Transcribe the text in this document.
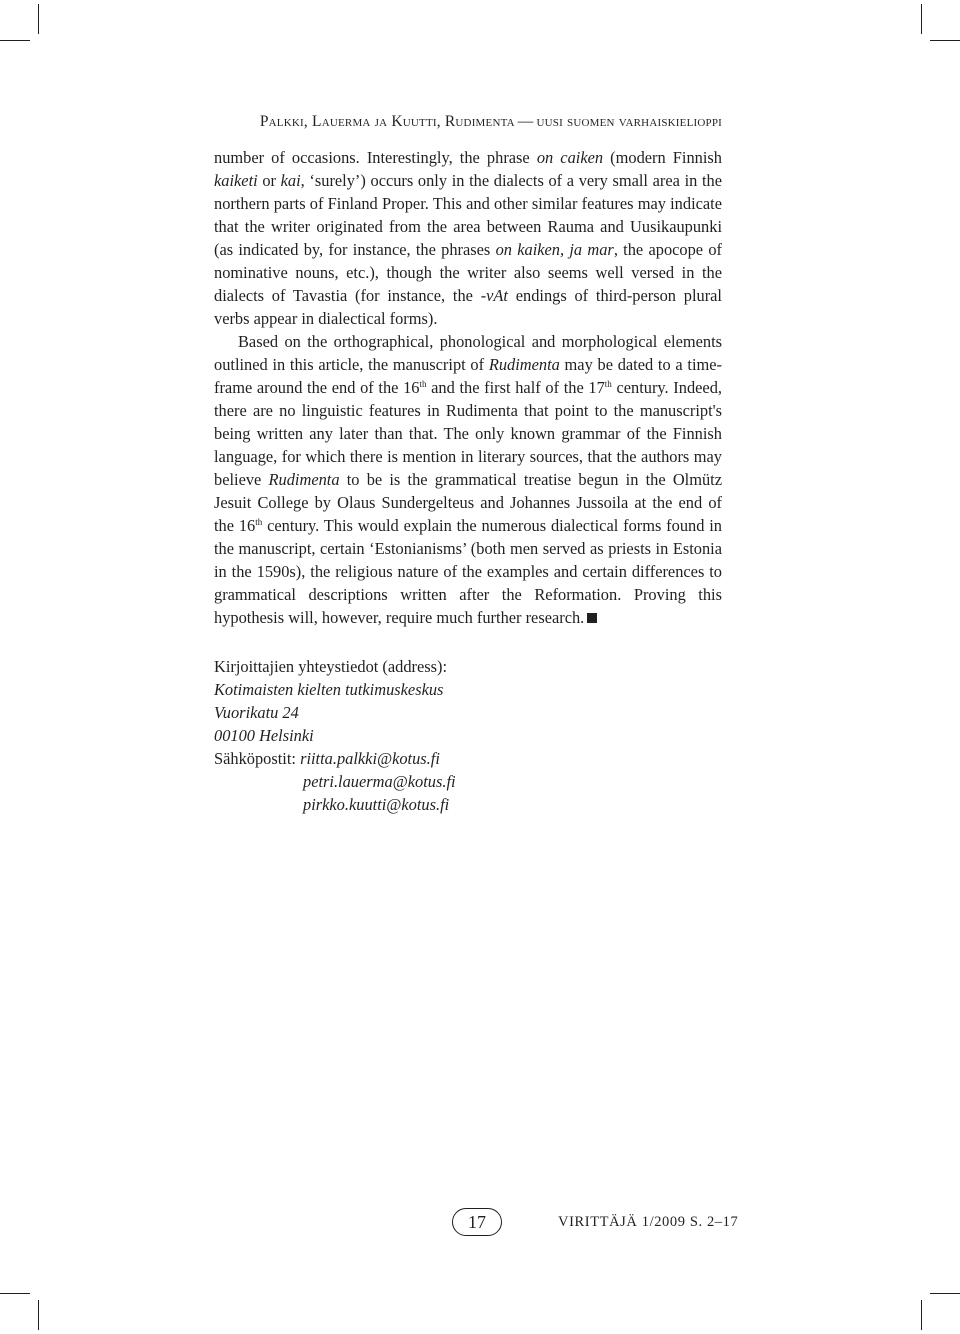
Palkki, Lauerma ja Kuutti, Rudimenta — uusi suomen varhaiskielioppi

number of occasions. Interestingly, the phrase on caiken (modern Finnish kaiketi or kai, ‘surely’) occurs only in the dialects of a very small area in the northern parts of Finland Proper. This and other similar features may indicate that the writer originated from the area between Rauma and Uusikaupunki (as indicated by, for instance, the phrases on kaiken, ja mar, the apocope of nominative nouns, etc.), though the writer also seems well versed in the dialects of Tavastia (for instance, the -vAt endings of third-person plural verbs appear in dialectical forms).

Based on the orthographical, phonological and morphological elements outlined in this article, the manuscript of Rudimenta may be dated to a time-frame around the end of the 16th and the first half of the 17th century. Indeed, there are no linguistic features in Rudimenta that point to the manuscript's being written any later than that. The only known grammar of the Finnish language, for which there is mention in literary sources, that the authors may believe Rudimenta to be is the grammatical treatise begun in the Olmütz Jesuit College by Olaus Sundergelteus and Johannes Jussoila at the end of the 16th century. This would explain the numerous dialectical forms found in the manuscript, certain ‘Estonianisms’ (both men served as priests in Estonia in the 1590s), the religious nature of the examples and certain differences to grammatical descriptions written after the Reformation. Proving this hypothesis will, however, require much further research.

Kirjoittajien yhteystiedot (address):
Kotimaisten kielten tutkimuskeskus
Vuorikatu 24
00100 Helsinki
Sähköpostit: riitta.palkki@kotus.fi
petri.lauerma@kotus.fi
pirkko.kuutti@kotus.fi
17	VIRITTÄJÄ 1/2009 S. 2–17
